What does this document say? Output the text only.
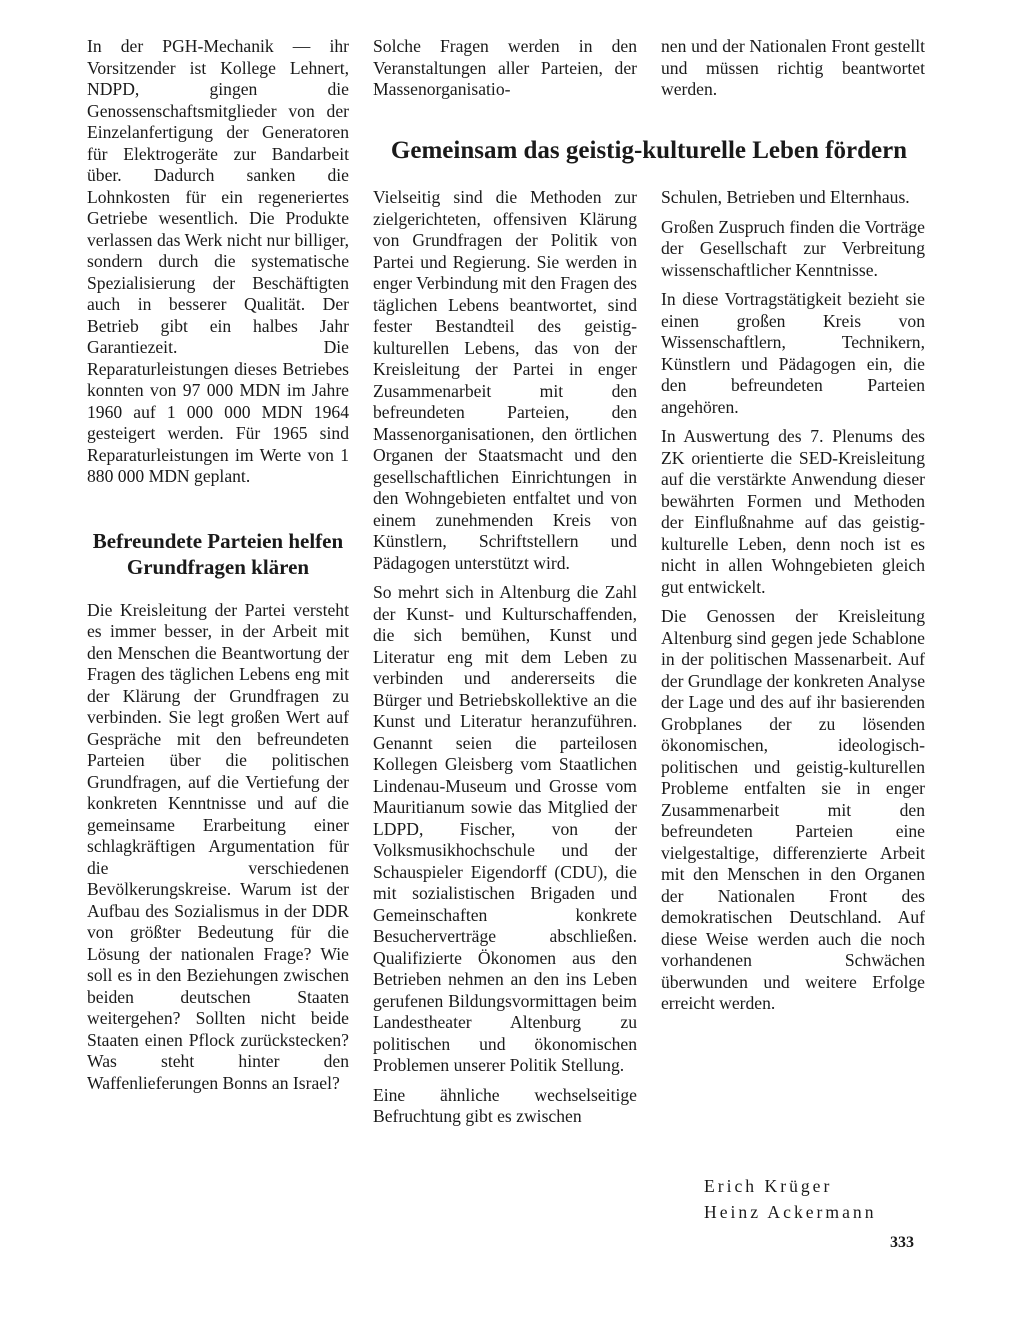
In der PGH-Mechanik — ihr Vorsitzender ist Kollege Lehnert, NDPD, gingen die Genossenschaftsmitglieder von der Einzelanfertigung der Generatoren für Elektrogeräte zur Bandarbeit über. Dadurch sanken die Lohnkosten für ein regeneriertes Getriebe wesentlich. Die Produkte verlassen das Werk nicht nur billiger, sondern durch die systematische Spezialisierung der Beschäftigten auch in besserer Qualität. Der Betrieb gibt ein halbes Jahr Garantiezeit. Die Reparaturleistungen dieses Betriebes konnten von 97 000 MDN im Jahre 1960 auf 1 000 000 MDN 1964 gesteigert werden. Für 1965 sind Reparaturleistungen im Werte von 1 880 000 MDN geplant.

Befreundete Parteien helfen Grundfragen klären

Die Kreisleitung der Partei versteht es immer besser, in der Arbeit mit den Menschen die Beantwortung der Fragen des täglichen Lebens eng mit der Klärung der Grundfragen zu verbinden. Sie legt großen Wert auf Gespräche mit den befreundeten Parteien über die politischen Grundfragen, auf die Vertiefung der konkreten Kenntnisse und auf die gemeinsame Erarbeitung einer schlagkräftigen Argumentation für die verschiedenen Bevölkerungskreise. Warum ist der Aufbau des Sozialismus in der DDR von größter Bedeutung für die Lösung der nationalen Frage? Wie soll es in den Beziehungen zwischen beiden deutschen Staaten weitergehen? Sollten nicht beide Staaten einen Pflock zurückstecken? Was steht hinter den Waffenlieferungen Bonns an Israel?

Solche Fragen werden in den Veranstaltungen aller Parteien, der Massenorganisatio-

nen und der Nationalen Front gestellt und müssen richtig beantwortet werden.

Gemeinsam das geistig-kulturelle Leben fördern

Vielseitig sind die Methoden zur zielgerichteten, offensiven Klärung von Grundfragen der Politik von Partei und Regierung. Sie werden in enger Verbindung mit den Fragen des täglichen Lebens beantwortet, sind fester Bestandteil des geistig-kulturellen Lebens, das von der Kreisleitung der Partei in enger Zusammenarbeit mit den befreundeten Parteien, den Massenorganisationen, den örtlichen Organen der Staatsmacht und den gesellschaftlichen Einrichtungen in den Wohngebieten entfaltet und von einem zunehmenden Kreis von Künstlern, Schriftstellern und Pädagogen unterstützt wird.

So mehrt sich in Altenburg die Zahl der Kunst- und Kulturschaffenden, die sich bemühen, Kunst und Literatur eng mit dem Leben zu verbinden und andererseits die Bürger und Betriebskollektive an die Kunst und Literatur heranzuführen. Genannt seien die parteilosen Kollegen Gleisberg vom Staatlichen Lindenau-Museum und Grosse vom Mauritianum sowie das Mitglied der LDPD, Fischer, von der Volksmusikhochschule und der Schauspieler Eigendorff (CDU), die mit sozialistischen Brigaden und Gemeinschaften konkrete Besucherverträge abschließen. Qualifizierte Ökonomen aus den Betrieben nehmen an den ins Leben gerufenen Bildungsvormittagen beim Landestheater Altenburg zu politischen und ökonomischen Problemen unserer Politik Stellung.

Eine ähnliche wechselseitige Befruchtung gibt es zwischen

Schulen, Betrieben und Elternhaus.

Großen Zuspruch finden die Vorträge der Gesellschaft zur Verbreitung wissenschaftlicher Kenntnisse.

In diese Vortragstätigkeit bezieht sie einen großen Kreis von Wissenschaftlern, Technikern, Künstlern und Pädagogen ein, die den befreundeten Parteien angehören.

In Auswertung des 7. Plenums des ZK orientierte die SED-Kreisleitung auf die verstärkte Anwendung dieser bewährten Formen und Methoden der Einflußnahme auf das geistig-kulturelle Leben, denn noch ist es nicht in allen Wohngebieten gleich gut entwickelt.

Die Genossen der Kreisleitung Altenburg sind gegen jede Schablone in der politischen Massenarbeit. Auf der Grundlage der konkreten Analyse der Lage und des auf ihr basierenden Grobplanes der zu lösenden ökonomischen, ideologisch-politischen und geistig-kulturellen Probleme entfalten sie in enger Zusammenarbeit mit den befreundeten Parteien eine vielgestaltige, differenzierte Arbeit mit den Menschen in den Organen der Nationalen Front des demokratischen Deutschland. Auf diese Weise werden auch die noch vorhandenen Schwächen überwunden und weitere Erfolge erreicht werden.

Erich Krüger
Heinz Ackermann
333
